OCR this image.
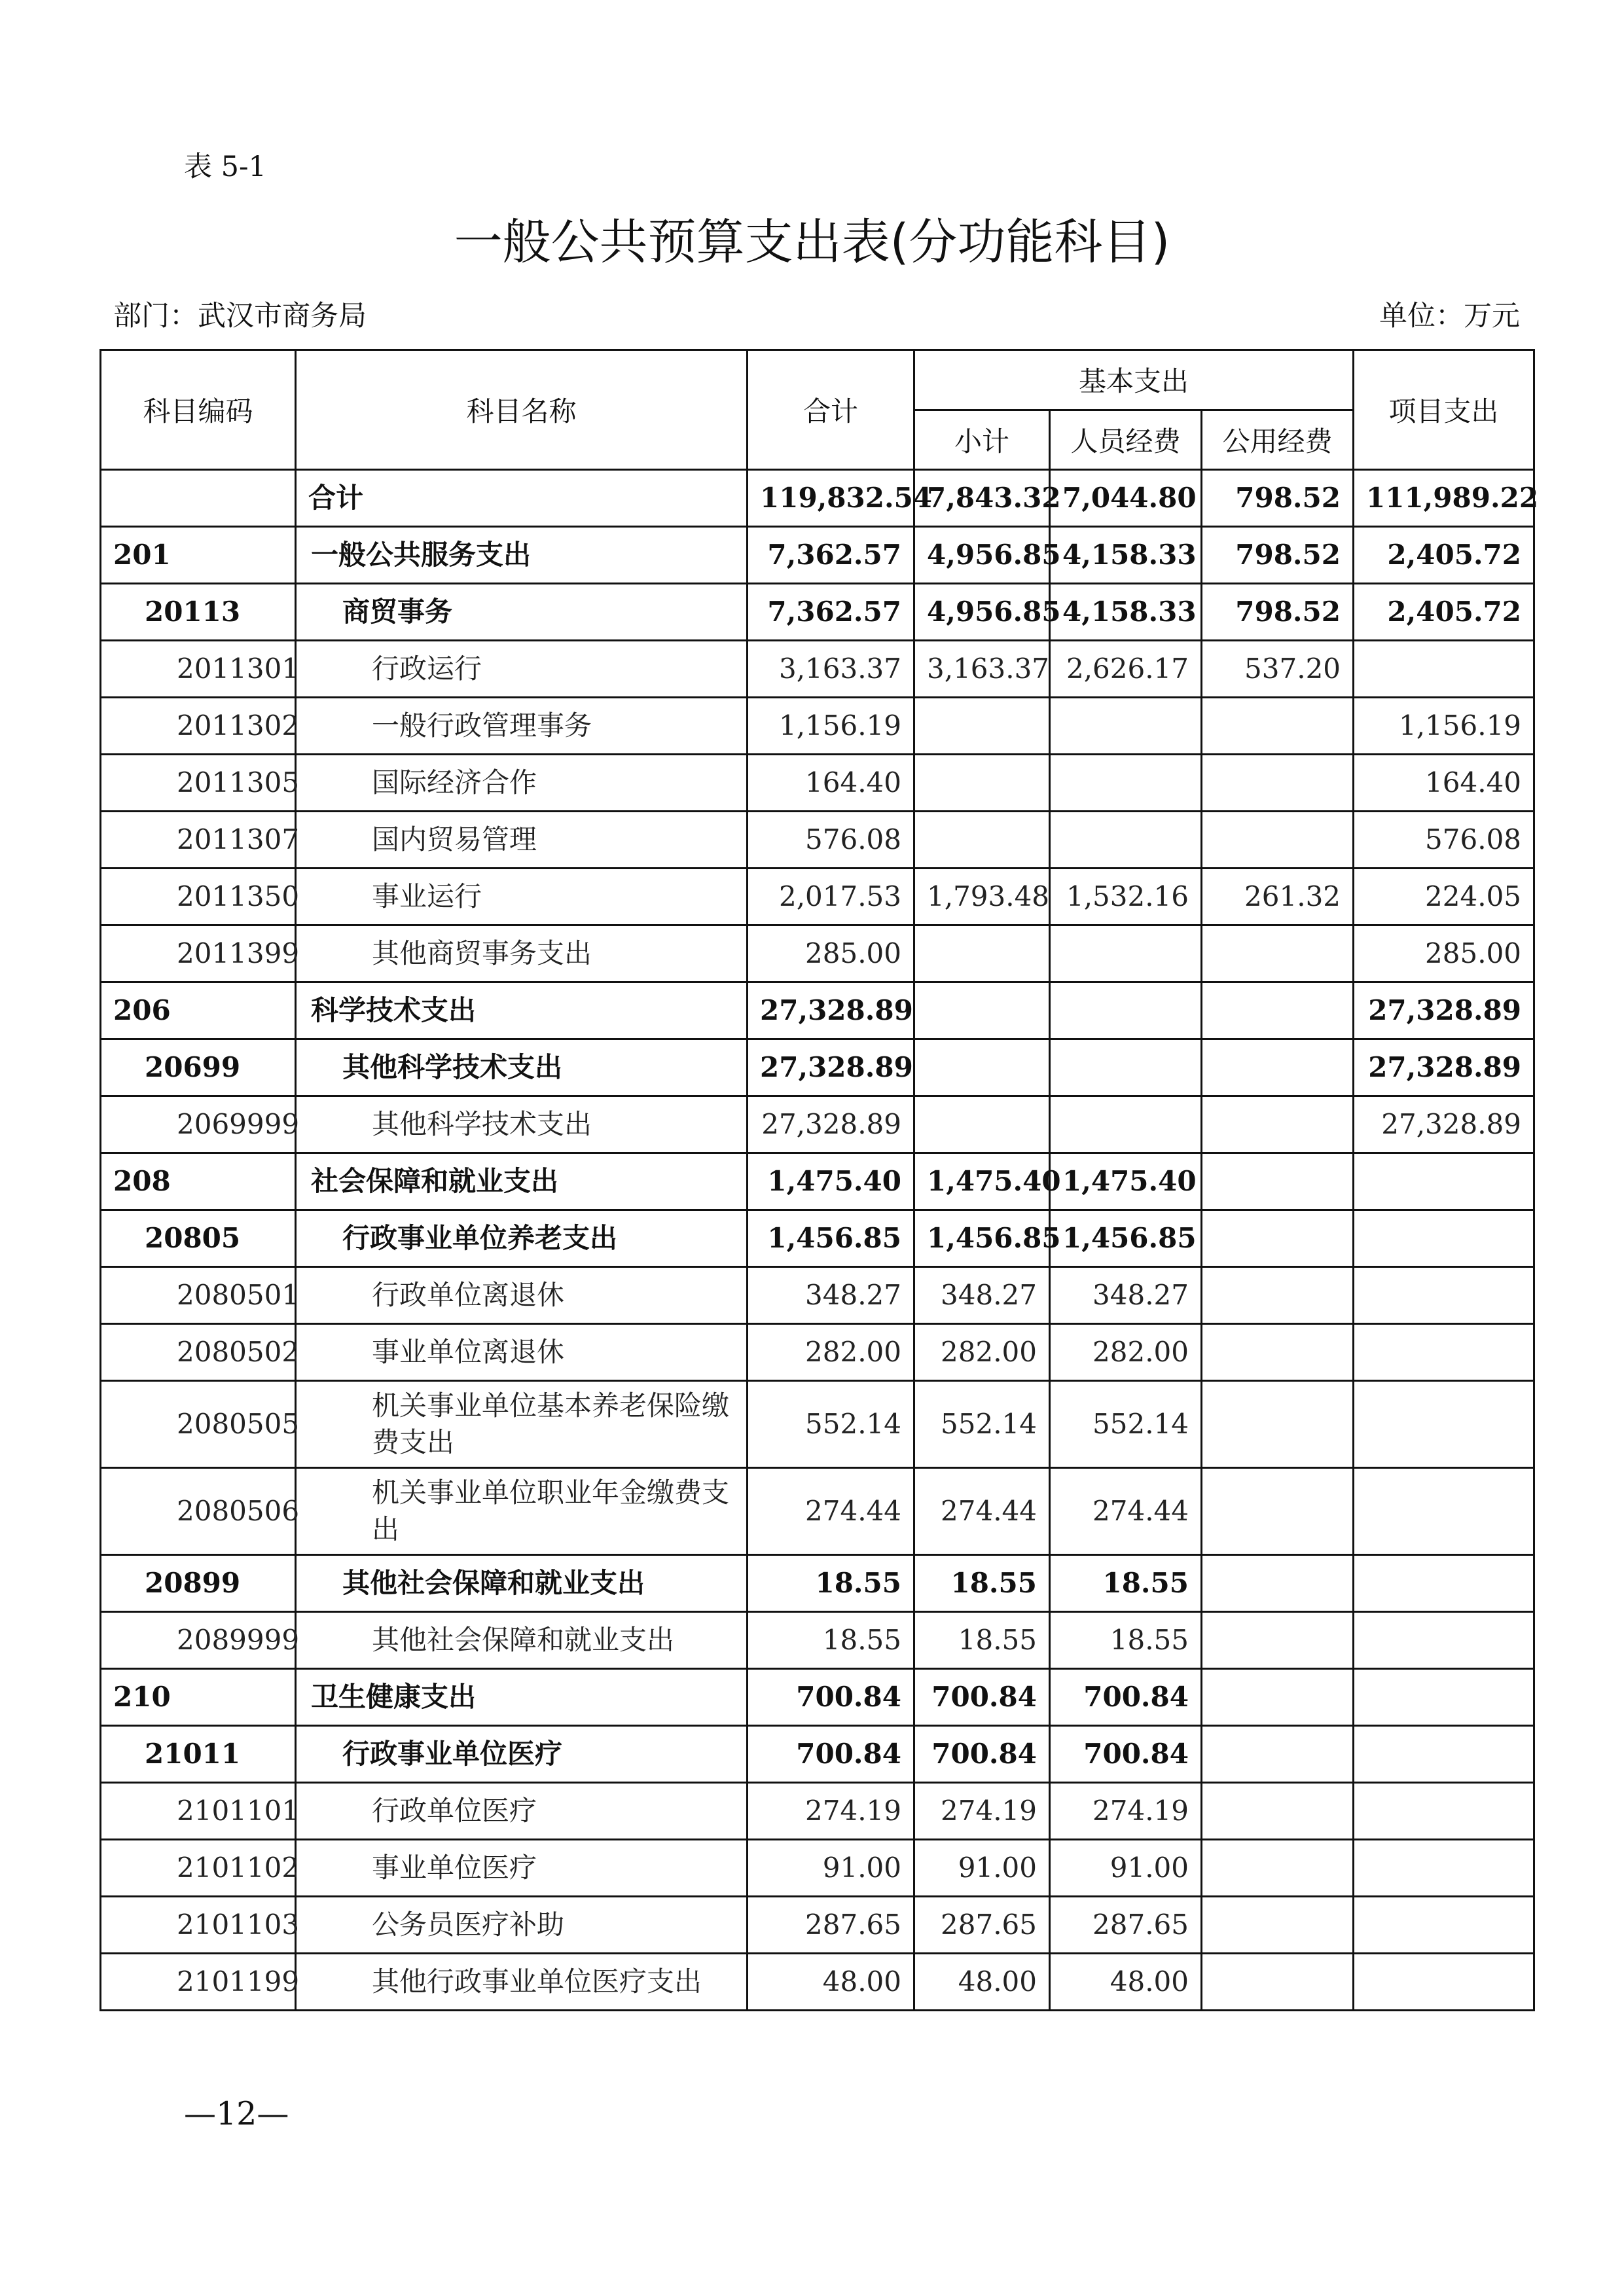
表 5-1
一般公共预算支出表(分功能科目)
部门：武汉市商务局	单位：万元
科目编码	科目名称	合计	基本支出			项目支出
			小计	人员经费	公用经费	
	合计	119,832.54	7,843.32	7,044.80	798.52	111,989.22
201	一般公共服务支出	7,362.57	4,956.85	4,158.33	798.52	2,405.72
20113	商贸事务	7,362.57	4,956.85	4,158.33	798.52	2,405.72
2011301	行政运行	3,163.37	3,163.37	2,626.17	537.20	
2011302	一般行政管理事务	1,156.19				1,156.19
2011305	国际经济合作	164.40				164.40
2011307	国内贸易管理	576.08				576.08
2011350	事业运行	2,017.53	1,793.48	1,532.16	261.32	224.05
2011399	其他商贸事务支出	285.00				285.00
206	科学技术支出	27,328.89				27,328.89
20699	其他科学技术支出	27,328.89				27,328.89
2069999	其他科学技术支出	27,328.89				27,328.89
208	社会保障和就业支出	1,475.40	1,475.40	1,475.40		
20805	行政事业单位养老支出	1,456.85	1,456.85	1,456.85		
2080501	行政单位离退休	348.27	348.27	348.27		
2080502	事业单位离退休	282.00	282.00	282.00		
2080505	机关事业单位基本养老保险缴费支出	552.14	552.14	552.14		
2080506	机关事业单位职业年金缴费支出	274.44	274.44	274.44		
20899	其他社会保障和就业支出	18.55	18.55	18.55		
2089999	其他社会保障和就业支出	18.55	18.55	18.55		
210	卫生健康支出	700.84	700.84	700.84		
21011	行政事业单位医疗	700.84	700.84	700.84		
2101101	行政单位医疗	274.19	274.19	274.19		
2101102	事业单位医疗	91.00	91.00	91.00		
2101103	公务员医疗补助	287.65	287.65	287.65		
2101199	其他行政事业单位医疗支出	48.00	48.00	48.00		
—12—
